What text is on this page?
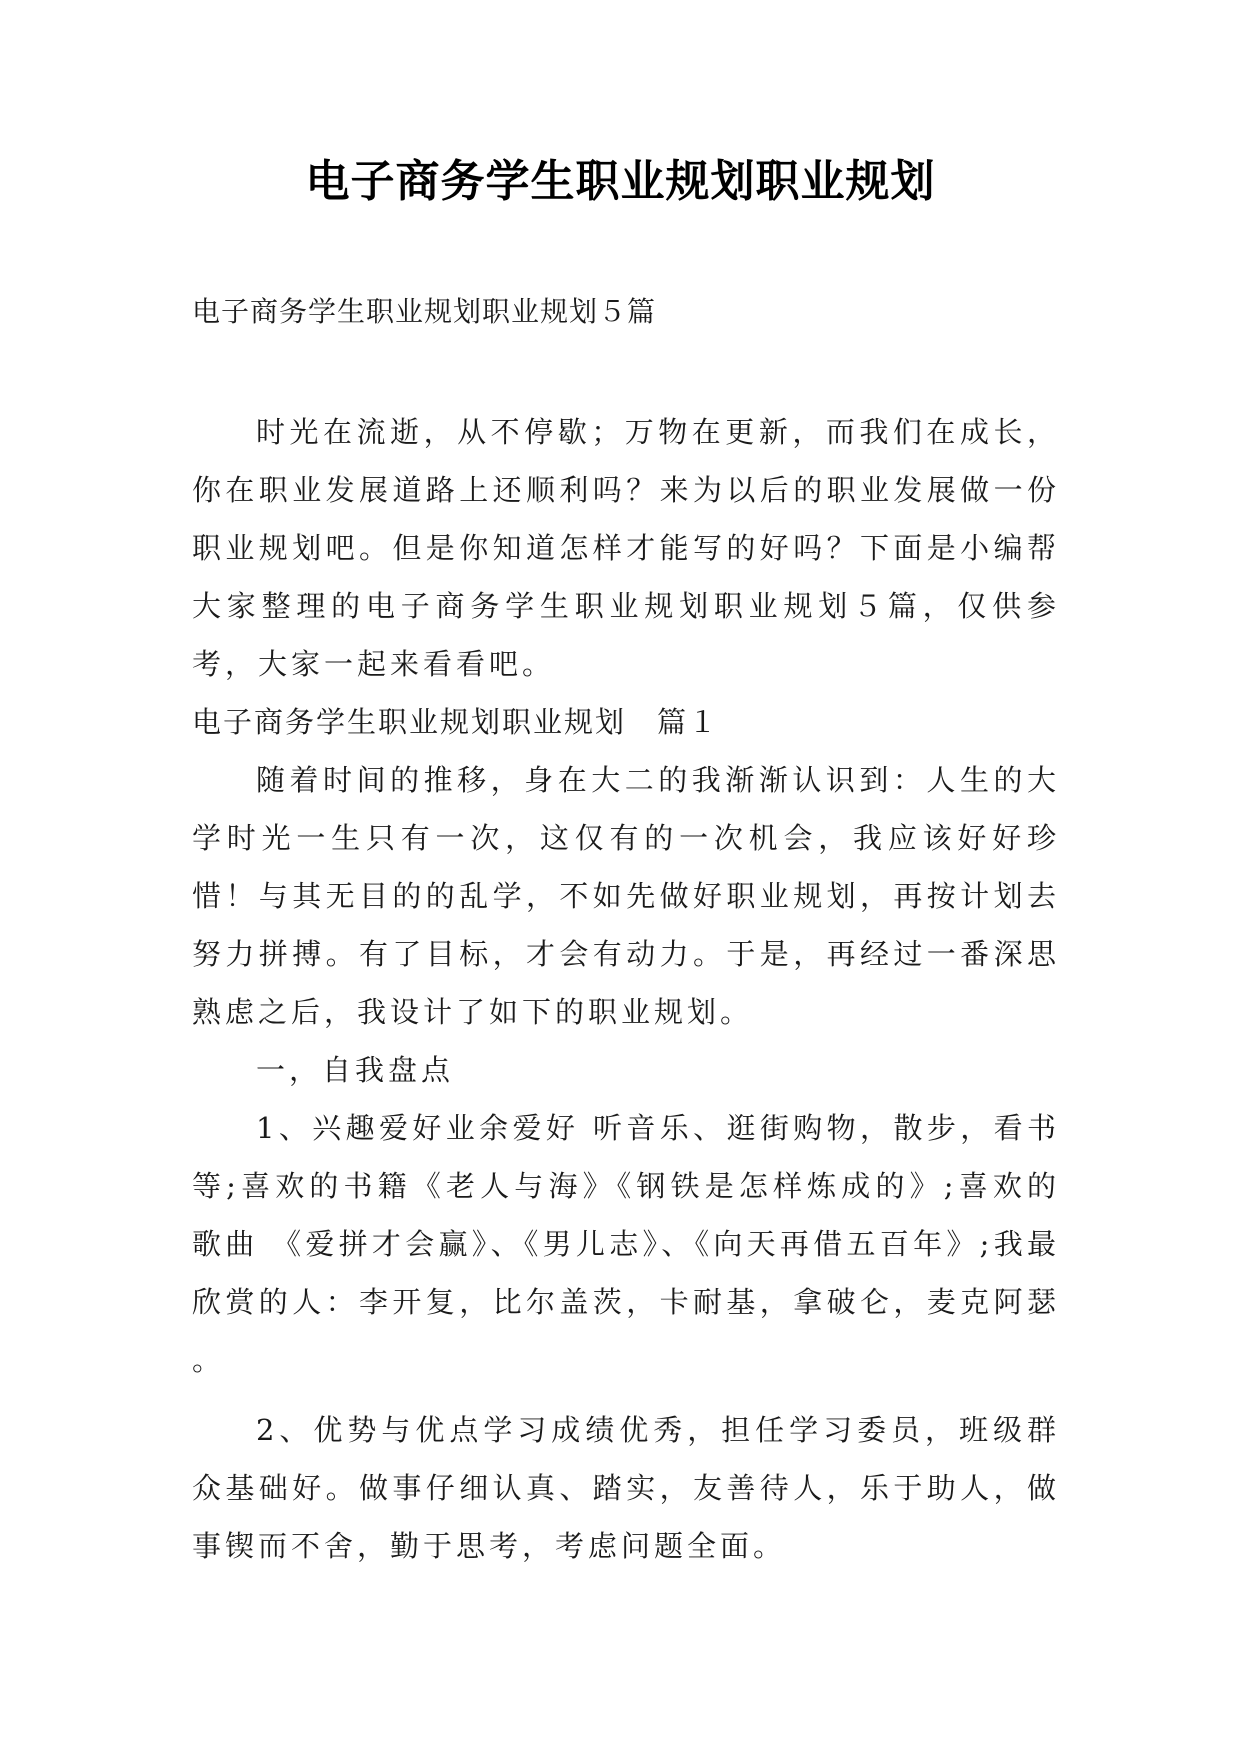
电子商务学生职业规划职业规划
电子商务学生职业规划职业规划５篇

时光在流逝，从不停歇；万物在更新，而我们在成长，你在职业发展道路上还顺利吗？来为以后的职业发展做一份职业规划吧。但是你知道怎样才能写的好吗？下面是小编帮大家整理的电子商务学生职业规划职业规划５篇，仅供参考，大家一起来看看吧。

电子商务学生职业规划职业规划　篇１

随着时间的推移，身在大二的我渐渐认识到：人生的大学时光一生只有一次，这仅有的一次机会，我应该好好珍惜！与其无目的的乱学，不如先做好职业规划，再按计划去努力拼搏。有了目标，才会有动力。于是，再经过一番深思熟虑之后，我设计了如下的职业规划。

一，自我盘点

1、兴趣爱好业余爱好 听音乐、逛街购物，散步，看书等;喜欢的书籍《老人与海》《钢铁是怎样炼成的》;喜欢的歌曲 《爱拼才会赢》、《男儿志》、《向天再借五百年》;我最欣赏的人：李开复，比尔盖茨，卡耐基，拿破仑，麦克阿瑟 。

2、优势与优点学习成绩优秀，担任学习委员，班级群众基础好。做事仔细认真、踏实，友善待人，乐于助人，做事锲而不舍，勤于思考，考虑问题全面。
